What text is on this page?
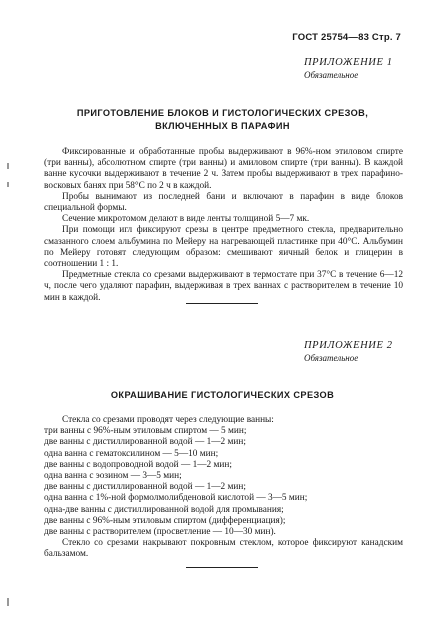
ГОСТ 25754—83 Стр. 7
ПРИЛОЖЕНИЕ 1
Обязательное
ПРИГОТОВЛЕНИЕ БЛОКОВ И ГИСТОЛОГИЧЕСКИХ СРЕЗОВ,
ВКЛЮЧЕННЫХ В ПАРАФИН

Фиксированные и обработанные пробы выдерживают в 96%-ном этиловом спирте (три ванны), абсолютном спирте (три ванны) и амиловом спирте (три ванны). В каждой ванне кусочки выдерживают в течение 2 ч. Затем пробы выдерживают в трех парафино-восковых банях при 58°С по 2 ч в каждой.

Пробы вынимают из последней бани и включают в парафин в виде блоков специальной формы.

Сечение микротомом делают в виде ленты толщиной 5—7 мк.

При помощи игл фиксируют срезы в центре предметного стекла, предварительно смазанного слоем альбумина по Мейеру на нагревающей пластинке при 40°С. Альбумин по Мейеру готовят следующим образом: смешивают яичный белок и глицерин в соотношении 1 : 1.

Предметные стекла со срезами выдерживают в термостате при 37°С в течение 6—12 ч, после чего удаляют парафин, выдерживая в трех ваннах с растворителем в течение 10 мин в каждой.

ПРИЛОЖЕНИЕ 2
Обязательное
ОКРАШИВАНИЕ ГИСТОЛОГИЧЕСКИХ СРЕЗОВ
Стекла со срезами проводят через следующие ванны:
три ванны с 96%-ным этиловым спиртом — 5 мин;
две ванны с дистиллированной водой — 1—2 мин;
одна ванна с гематоксилином — 5—10 мин;
две ванны с водопроводной водой — 1—2 мин;
одна ванна с эозином — 3—5 мин;
две ванны с дистиллированной водой — 1—2 мин;
одна ванна с 1%-ной формолмолибденовой кислотой — 3—5 мин;
одна-две ванны с дистиллированной водой для промывания;
две ванны с 96%-ным этиловым спиртом (дифференциация);
две ванны с растворителем (просветление — 10—30 мин).
Стекло со срезами накрывают покровным стеклом, которое фиксируют канадским бальзамом.
